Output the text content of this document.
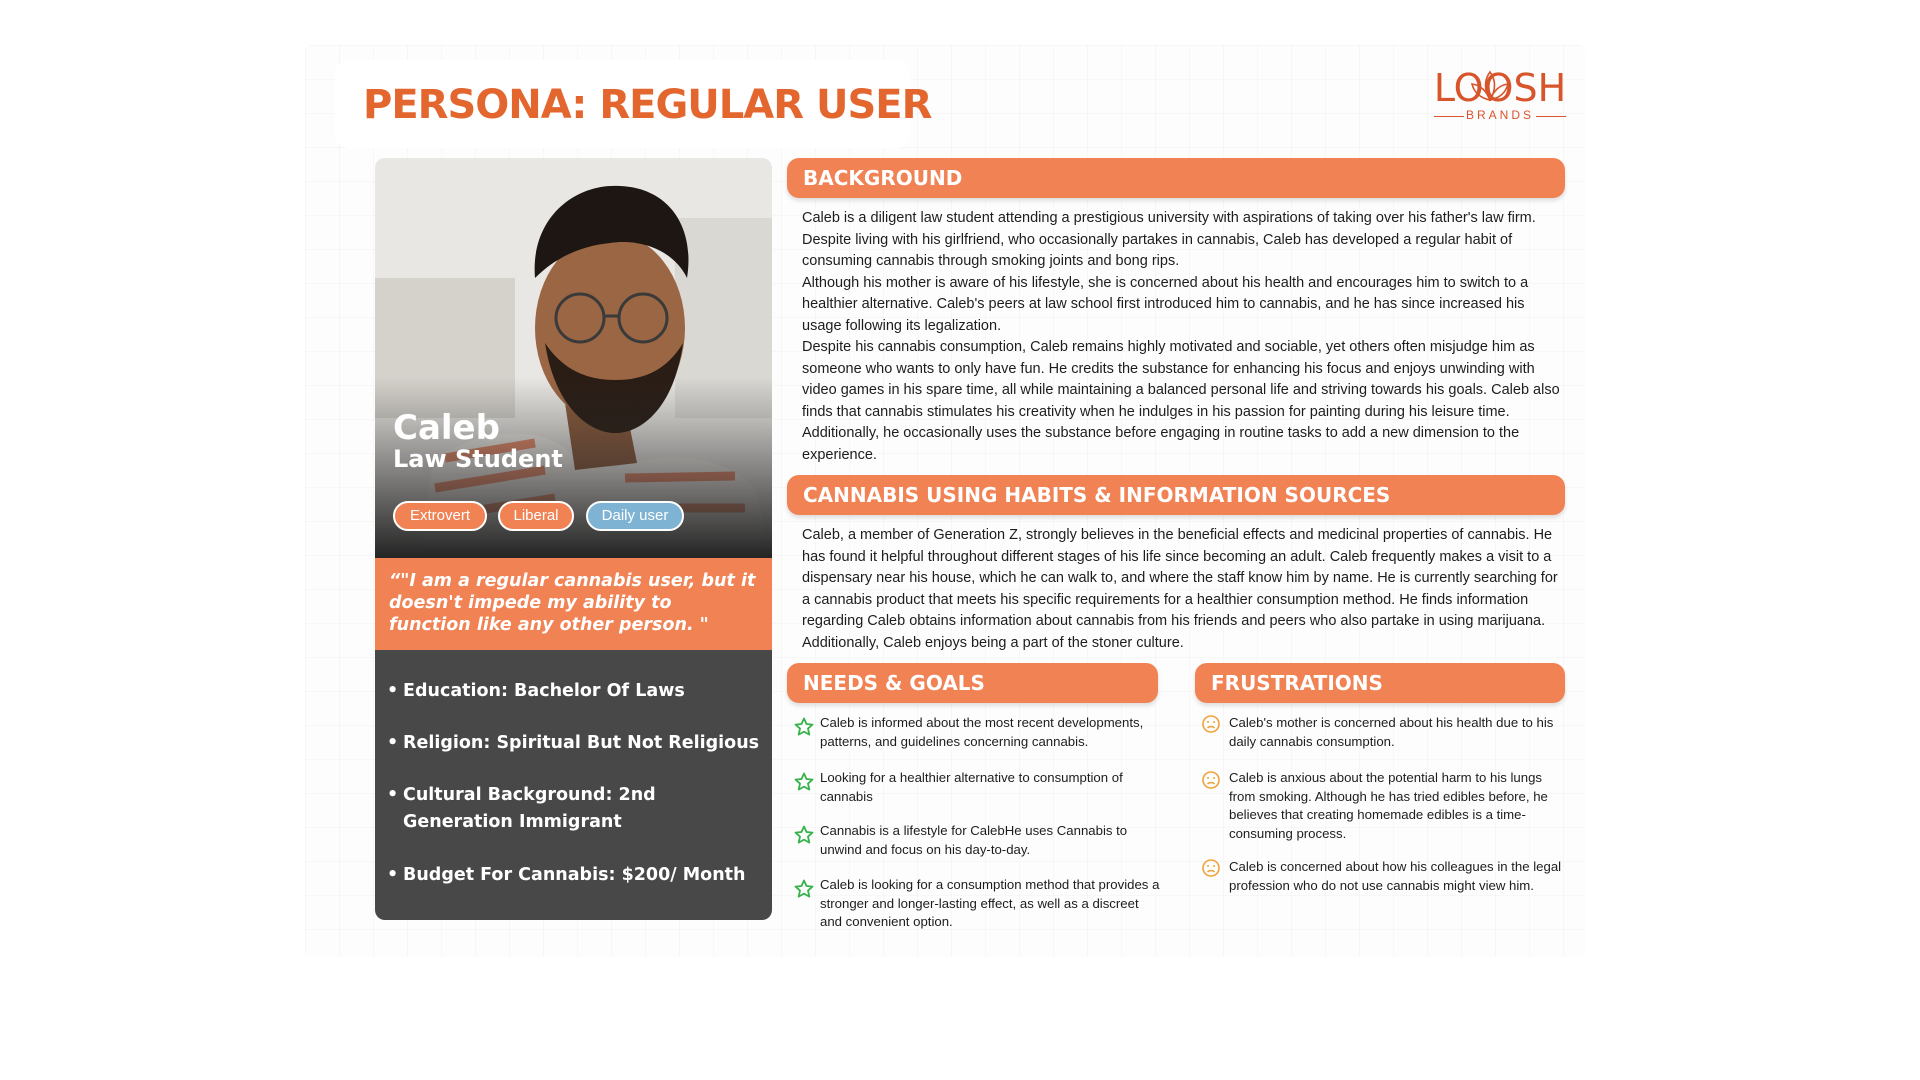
PERSONA: REGULAR USER	LOOSH
BRANDS
Caleb
Law Student
Extrovert	Liberal	Daily user
“"I am a regular cannabis user, but it doesn't impede my ability to function like any other person. "
• Education: Bachelor Of Laws
• Religion: Spiritual But Not Religious
• Cultural Background: 2nd Generation Immigrant
• Budget For Cannabis: $200/ Month
BACKGROUND
Caleb is a diligent law student attending a prestigious university with aspirations of taking over his father's law firm. Despite living with his girlfriend, who occasionally partakes in cannabis, Caleb has developed a regular habit of consuming cannabis through smoking joints and bong rips.
Although his mother is aware of his lifestyle, she is concerned about his health and encourages him to switch to a healthier alternative. Caleb's peers at law school first introduced him to cannabis, and he has since increased his usage following its legalization.
Despite his cannabis consumption, Caleb remains highly motivated and sociable, yet others often misjudge him as someone who wants to only have fun. He credits the substance for enhancing his focus and enjoys unwinding with video games in his spare time, all while maintaining a balanced personal life and striving towards his goals. Caleb also finds that cannabis stimulates his creativity when he indulges in his passion for painting during his leisure time. Additionally, he occasionally uses the substance before engaging in routine tasks to add a new dimension to the experience.
CANNABIS USING HABITS & INFORMATION SOURCES
Caleb, a member of Generation Z, strongly believes in the beneficial effects and medicinal properties of cannabis. He has found it helpful throughout different stages of his life since becoming an adult. Caleb frequently makes a visit to a dispensary near his house, which he can walk to, and where the staff know him by name. He is currently searching for a cannabis product that meets his specific requirements for a healthier consumption method. He finds information regarding Caleb obtains information about cannabis from his friends and peers who also partake in using marijuana. Additionally, Caleb enjoys being a part of the stoner culture.
NEEDS & GOALS
Caleb is informed about the most recent developments, patterns, and guidelines concerning cannabis.
Looking for a healthier alternative to consumption of cannabis
Cannabis is a lifestyle for CalebHe uses Cannabis to unwind and focus on his day-to-day.
Caleb is looking for a consumption method that provides a stronger and longer-lasting effect, as well as a discreet and convenient option.
FRUSTRATIONS
Caleb's mother is concerned about his health due to his daily cannabis consumption.
Caleb is anxious about the potential harm to his lungs from smoking. Although he has tried edibles before, he believes that creating homemade edibles is a time-consuming process.
Caleb is concerned about how his colleagues in the legal profession who do not use cannabis might view him.
